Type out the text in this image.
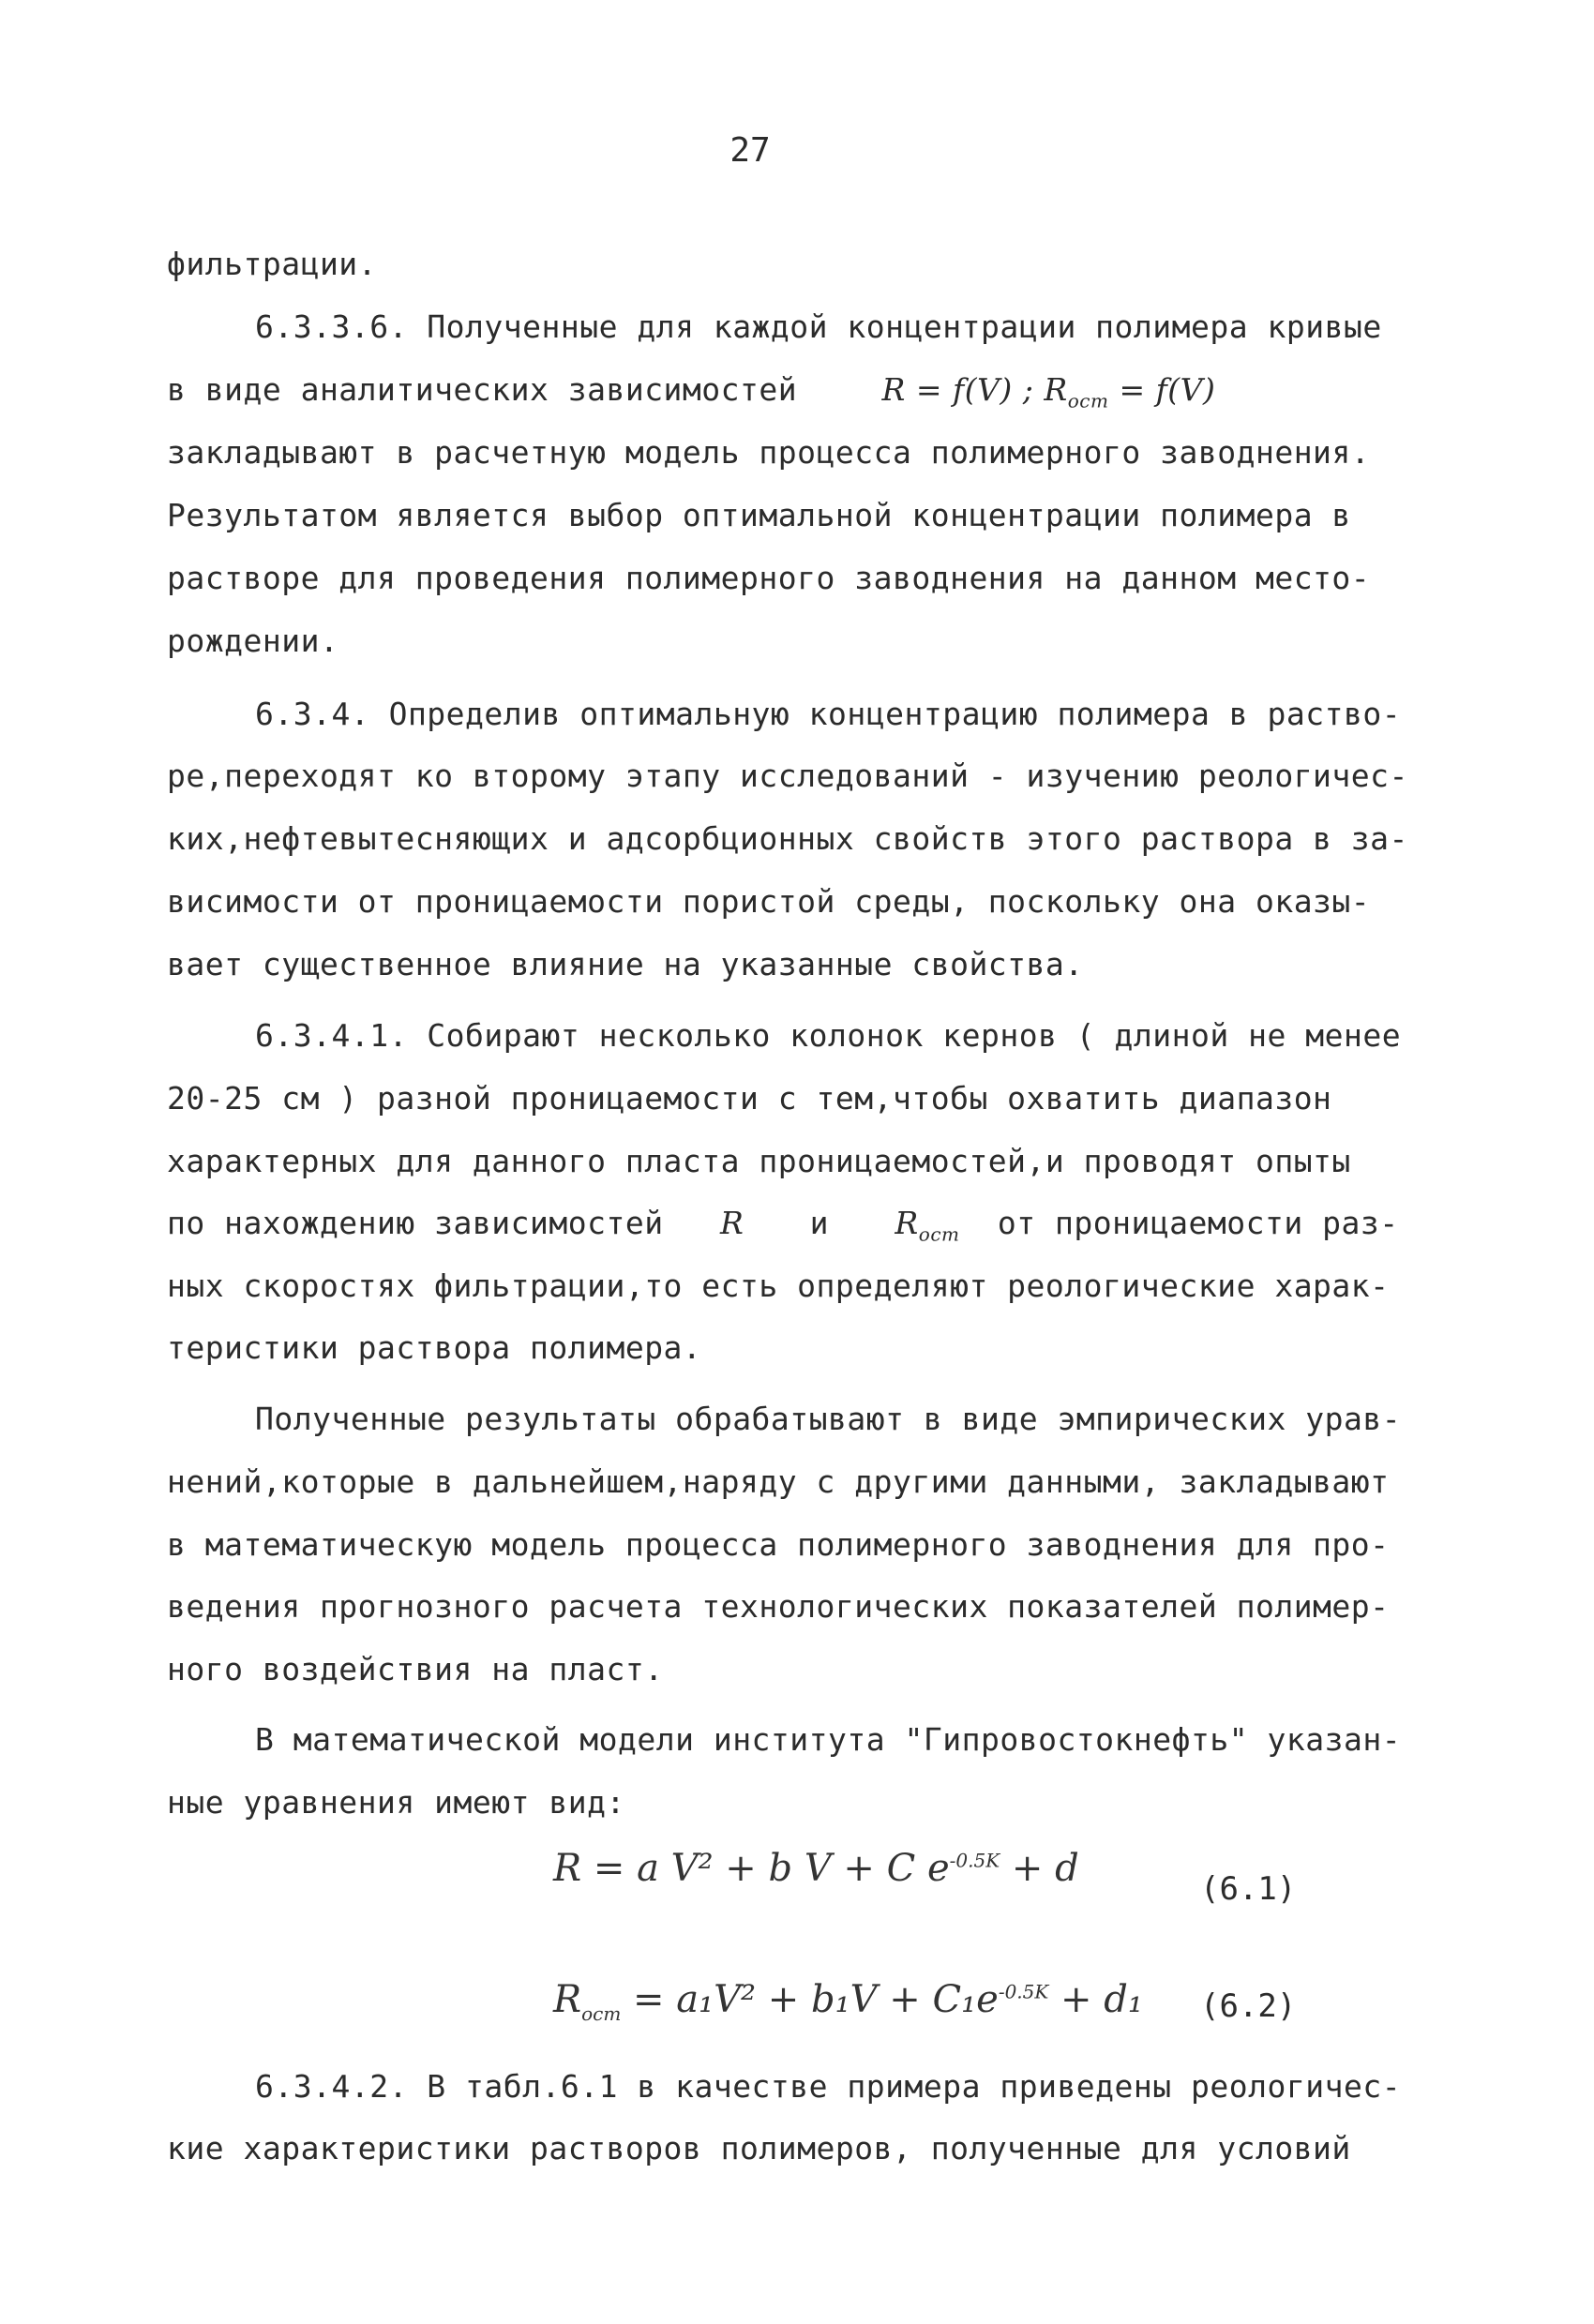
27
фильтрации.
6.3.3.6. Полученные для каждой концентрации полимера кривые
в виде аналитических зависимостей	R = f(V) ; $R_{ост} = f(V)$
закладывают в расчетную модель процесса полимерного заводнения.
Результатом является выбор оптимальной концентрации полимера в
растворе для проведения полимерного заводнения на данном место-
рождении.
6.3.4. Определив оптимальную концентрацию полимера в раство-
ре,переходят ко второму этапу исследований - изучению реологичес-
ких,нефтевытесняющих и адсорбционных свойств этого раствора в за-
висимости от проницаемости пористой среды, поскольку она оказы-
вает существенное влияние на указанные свойства.
6.3.4.1. Собирают несколько колонок кернов ( длиной не менее
20-25 см ) разной проницаемости с тем,чтобы охватить диапазон
характерных для данного пласта проницаемостей,и проводят опыты
по нахождению зависимостей R и $R_{ост}$ от проницаемости раз-
ных скоростях фильтрации,то есть определяют реологические харак-
теристики раствора полимера.
Полученные результаты обрабатывают в виде эмпирических урав-
нений,которые в дальнейшем,наряду с другими данными, закладывают
в математическую модель процесса полимерного заводнения для про-
ведения прогнозного расчета технологических показателей полимер-
ного воздействия на пласт.
В математической модели института "Гипровостокнефть" указан-
ные уравнения имеют вид:
R = a V² + b V + C $e^{-0.5K} + d$	(6.1)
$R_{ост} = a_1V^2 + b_1V + C_1e^{-0.5K} + d_1$ (6.2)
6.3.4.2. В табл.6.1 в качестве примера приведены реологичес-
кие характеристики растворов полимеров, полученные для условий
